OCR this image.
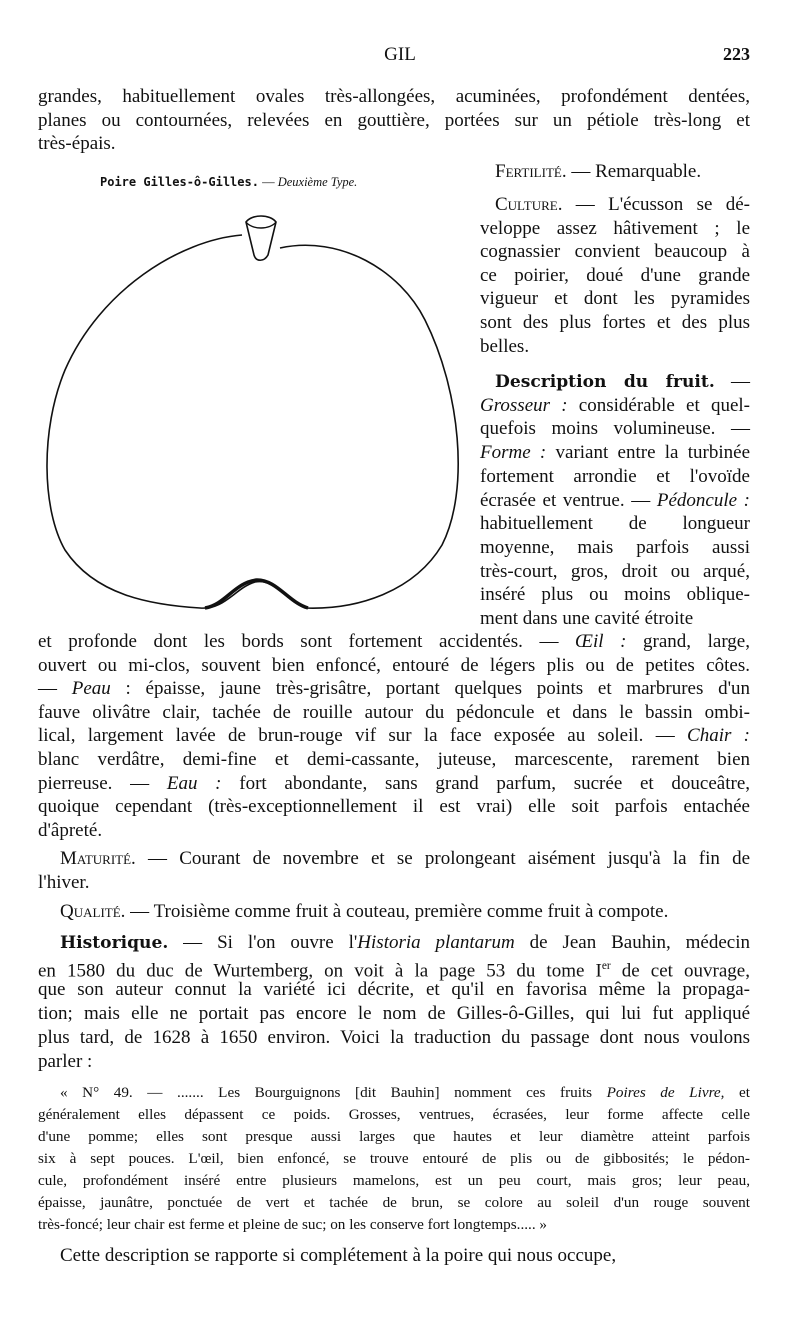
GIL	223
Poire Gilles-ô-Gilles. — Deuxième Type.
grandes, habituellement ovales très-allongées, acuminées, profondément dentées,
planes ou contournées, relevées en gouttière, portées sur un pétiole très-long et
très-épais.
Fertilité. — Remarquable.
Culture. — L'écusson se dé-
veloppe assez hâtivement ; le
cognassier convient beaucoup à
ce poirier, doué d'une grande
vigueur et dont les pyramides
sont des plus fortes et des plus
belles.
Description du fruit. —
Grosseur : considérable et quel-
quefois moins volumineuse. —
Forme : variant entre la turbinée
fortement arrondie et l'ovoïde
écrasée et ventrue. — Pédoncule :
habituellement de longueur
moyenne, mais parfois aussi
très-court, gros, droit ou arqué,
inséré plus ou moins oblique-
ment dans une cavité étroite
et profonde dont les bords sont fortement accidentés. — Œil : grand, large,
ouvert ou mi-clos, souvent bien enfoncé, entouré de légers plis ou de petites côtes.
— Peau : épaisse, jaune très-grisâtre, portant quelques points et marbrures d'un
fauve olivâtre clair, tachée de rouille autour du pédoncule et dans le bassin ombi-
lical, largement lavée de brun-rouge vif sur la face exposée au soleil. — Chair :
blanc verdâtre, demi-fine et demi-cassante, juteuse, marcescente, rarement bien
pierreuse. — Eau : fort abondante, sans grand parfum, sucrée et douceâtre,
quoique cependant (très-exceptionnellement il est vrai) elle soit parfois entachée
d'âpreté.
Maturité. — Courant de novembre et se prolongeant aisément jusqu'à la fin de
l'hiver.
Qualité. — Troisième comme fruit à couteau, première comme fruit à compote.
Historique. — Si l'on ouvre l'Historia plantarum de Jean Bauhin, médecin
en 1580 du duc de Wurtemberg, on voit à la page 53 du tome Ier de cet ouvrage,
que son auteur connut la variété ici décrite, et qu'il en favorisa même la propaga-
tion; mais elle ne portait pas encore le nom de Gilles-ô-Gilles, qui lui fut appliqué
plus tard, de 1628 à 1650 environ. Voici la traduction du passage dont nous voulons
parler :
« N° 49. — ....... Les Bourguignons [dit Bauhin] nomment ces fruits Poires de Livre, et
généralement elles dépassent ce poids. Grosses, ventrues, écrasées, leur forme affecte celle
d'une pomme; elles sont presque aussi larges que hautes et leur diamètre atteint parfois
six à sept pouces. L'œil, bien enfoncé, se trouve entouré de plis ou de gibbosités; le pédon-
cule, profondément inséré entre plusieurs mamelons, est un peu court, mais gros; leur peau,
épaisse, jaunâtre, ponctuée de vert et tachée de brun, se colore au soleil d'un rouge souvent
très-foncé; leur chair est ferme et pleine de suc; on les conserve fort longtemps..... »
Cette description se rapporte si complétement à la poire qui nous occupe,
